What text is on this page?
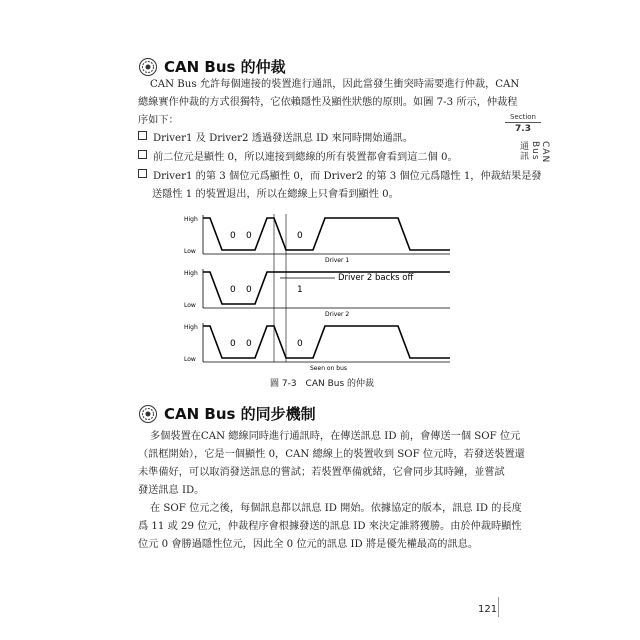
CAN Bus 的仲裁
CAN Bus 允許每個連接的裝置進行通訊，因此當發生衝突時需要進行仲裁，CAN
總線實作仲裁的方式很獨特，它依賴隱性及顯性狀態的原則。如圖 7-3 所示，仲裁程
序如下：
Driver1 及 Driver2 透過發送訊息 ID 來同時開始通訊。
前二位元是顯性 0，所以連接到總線的所有裝置都會看到這二個 0。
Driver1 的第 3 個位元爲顯性 0，而 Driver2 的第 3 個位元爲隱性 1，仲裁結果是發
送隱性 1 的裝置退出，所以在總線上只會看到顯性 0。
Section
7.3
CAN Bus 通訊
High
Low
0 0	0
Driver 1
High
Low
0 0	1
Driver 2 backs off
Driver 2
High
Low
0 0	0
Seen on bus
圖 7-3　CAN Bus 的仲裁
CAN Bus 的同步機制
多個裝置在CAN 總線同時進行通訊時，在傳送訊息 ID 前，會傳送一個 SOF 位元
（訊框開始），它是一個顯性 0，CAN 總線上的裝置收到 SOF 位元時，若發送裝置還
未準備好，可以取消發送訊息的嘗試；若裝置準備就緒，它會同步其時鐘，並嘗試
發送訊息 ID。
在 SOF 位元之後，每個訊息都以訊息 ID 開始。依據協定的版本，訊息 ID 的長度
爲 11 或 29 位元，仲裁程序會根據發送的訊息 ID 來決定誰將獲勝。由於仲裁時顯性
位元 0 會勝過隱性位元，因此全 0 位元的訊息 ID 將是優先權最高的訊息。
121
